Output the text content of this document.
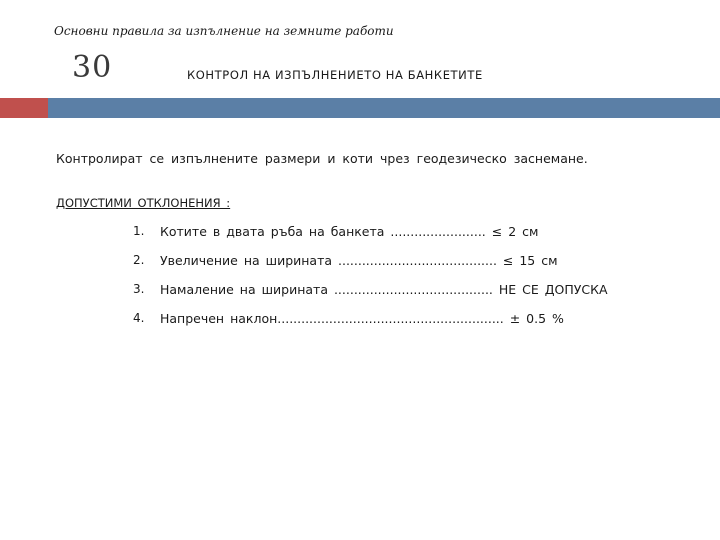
Основни правила за изпълнение на земните работи
30	КОНТРОЛ НА ИЗПЪЛНЕНИЕТО НА БАНКЕТИТЕ
Контролират се изпълнените размери и коти чрез геодезическо заснемане.
ДОПУСТИМИ ОТКЛОНЕНИЯ :
1. Котите в двата ръба на банкета ........................ ≤ 2 см
2. Увеличение на ширината ........................................ ≤ 15 см
3. Намаление на ширината ........................................ НЕ СЕ ДОПУСКА
4. Напречен наклон......................................................... ± 0.5 %
